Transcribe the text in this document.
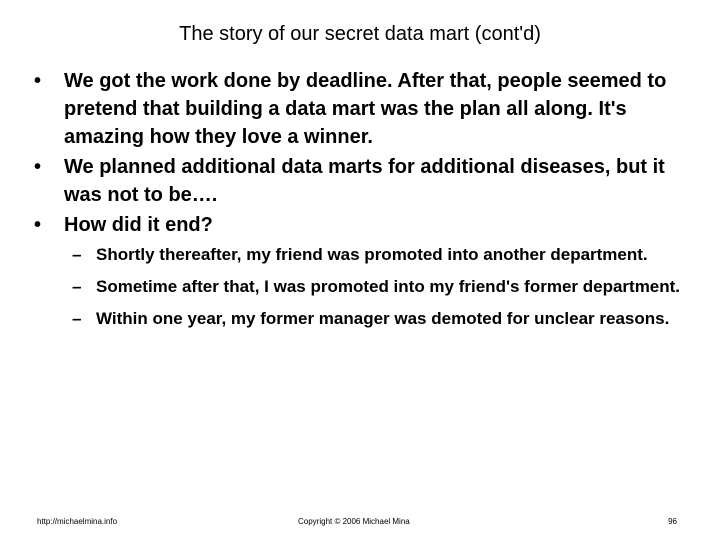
The story of our secret data mart (cont'd)
• We got the work done by deadline. After that, people seemed to pretend that building a data mart was the plan all along. It's amazing how they love a winner.
• We planned additional data marts for additional diseases, but it was not to be….
• How did it end?
– Shortly thereafter, my friend was promoted into another department.
– Sometime after that, I was promoted into my friend's former department.
– Within one year, my former manager was demoted for unclear reasons.
http://michaelmina.info	Copyright © 2006 Michael Mina	96
